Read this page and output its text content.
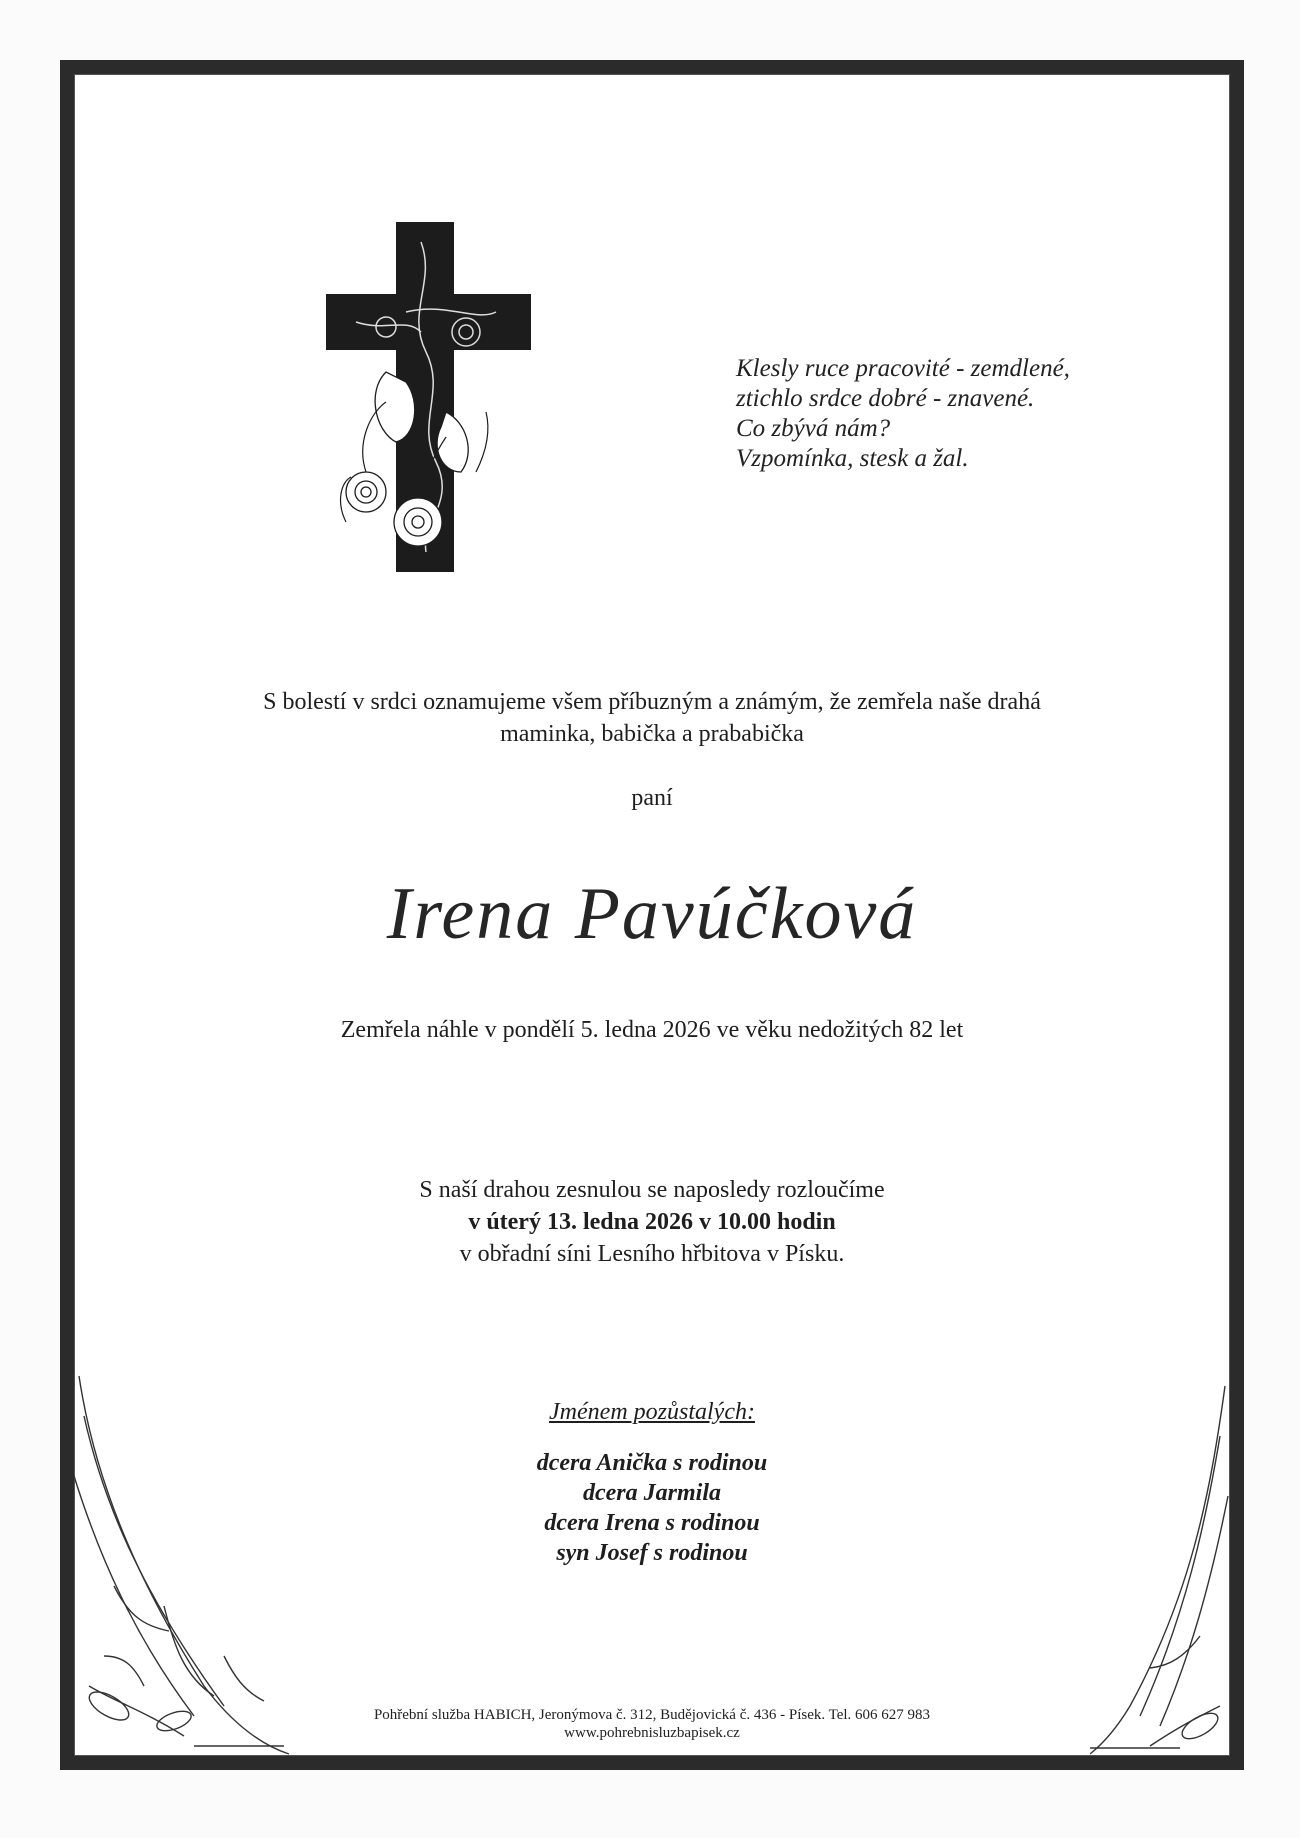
Klesly ruce pracovité - zemdlené,
ztichlo srdce dobré - znavené.
Co zbývá nám?
Vzpomínka, stesk a žal.
S bolestí v srdci oznamujeme všem příbuzným a známým, že zemřela naše drahá
maminka, babička a prababička
paní
Irena Pavúčková
Zemřela náhle v pondělí 5. ledna 2026 ve věku nedožitých 82 let
S naší drahou zesnulou se naposledy rozloučíme
v úterý 13. ledna 2026 v 10.00 hodin
v obřadní síni Lesního hřbitova v Písku.
Jménem pozůstalých:
dcera Anička s rodinou
dcera Jarmila
dcera Irena s rodinou
syn Josef s rodinou
Pohřební služba HABICH, Jeronýmova č. 312, Budějovická č. 436 - Písek. Tel. 606 627 983
www.pohrebnisluzbapisek.cz
